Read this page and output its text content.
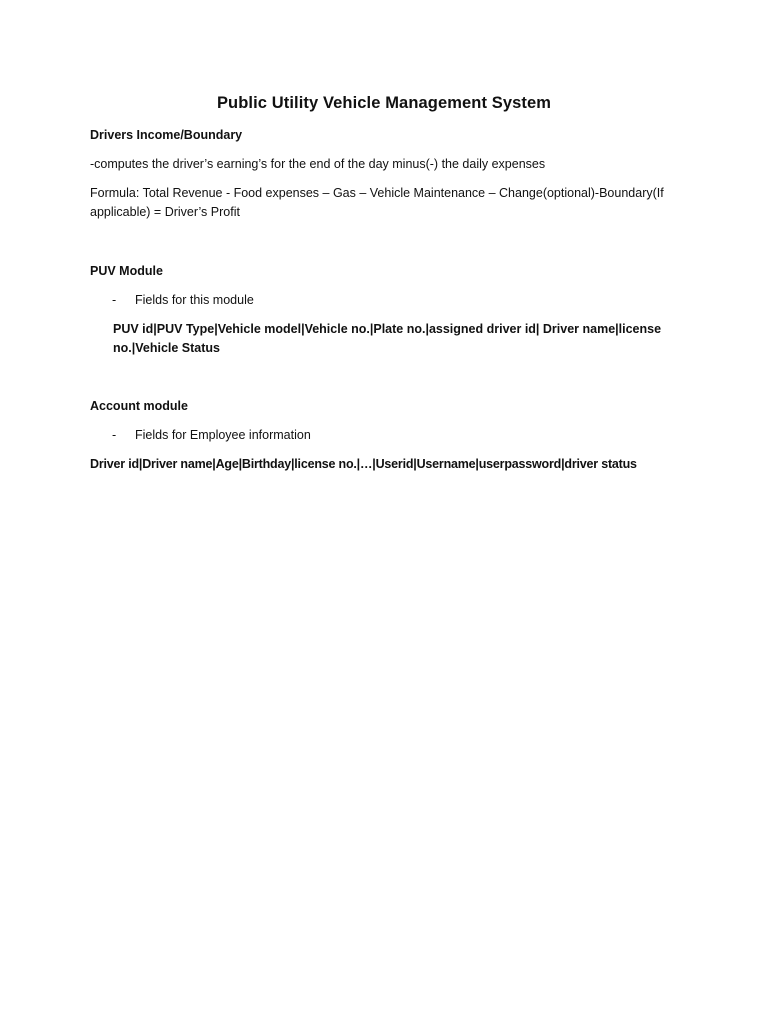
Public Utility Vehicle Management System
Drivers Income/Boundary
-computes the driver’s earning’s for the end of the day minus(-) the daily expenses
Formula: Total Revenue - Food expenses – Gas – Vehicle Maintenance – Change(optional)-Boundary(If applicable) = Driver’s Profit
PUV Module
- Fields for this module
PUV id|PUV Type|Vehicle model|Vehicle no.|Plate no.|assigned driver id| Driver name|license no.|Vehicle Status
Account module
- Fields for Employee information
Driver id|Driver name|Age|Birthday|license no.|…|Userid|Username|userpassword|driver status
